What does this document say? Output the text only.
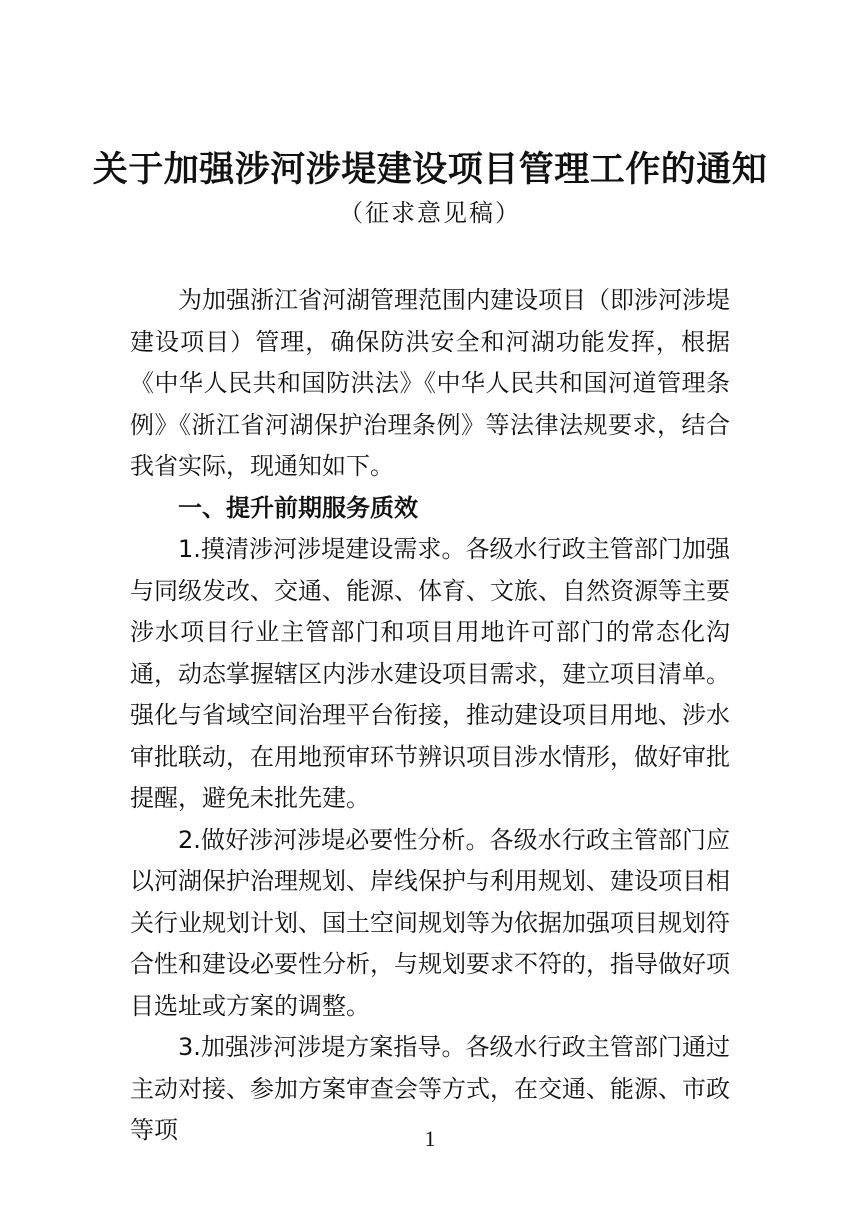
关于加强涉河涉堤建设项目管理工作的通知
（征求意见稿）

为加强浙江省河湖管理范围内建设项目（即涉河涉堤建设项目）管理，确保防洪安全和河湖功能发挥，根据《中华人民共和国防洪法》《中华人民共和国河道管理条例》《浙江省河湖保护治理条例》等法律法规要求，结合我省实际，现通知如下。

一、提升前期服务质效

1.摸清涉河涉堤建设需求。各级水行政主管部门加强与同级发改、交通、能源、体育、文旅、自然资源等主要涉水项目行业主管部门和项目用地许可部门的常态化沟通，动态掌握辖区内涉水建设项目需求，建立项目清单。强化与省域空间治理平台衔接，推动建设项目用地、涉水审批联动，在用地预审环节辨识项目涉水情形，做好审批提醒，避免未批先建。

2.做好涉河涉堤必要性分析。各级水行政主管部门应以河湖保护治理规划、岸线保护与利用规划、建设项目相关行业规划计划、国土空间规划等为依据加强项目规划符合性和建设必要性分析，与规划要求不符的，指导做好项目选址或方案的调整。

3.加强涉河涉堤方案指导。各级水行政主管部门通过主动对接、参加方案审查会等方式，在交通、能源、市政等项	1
